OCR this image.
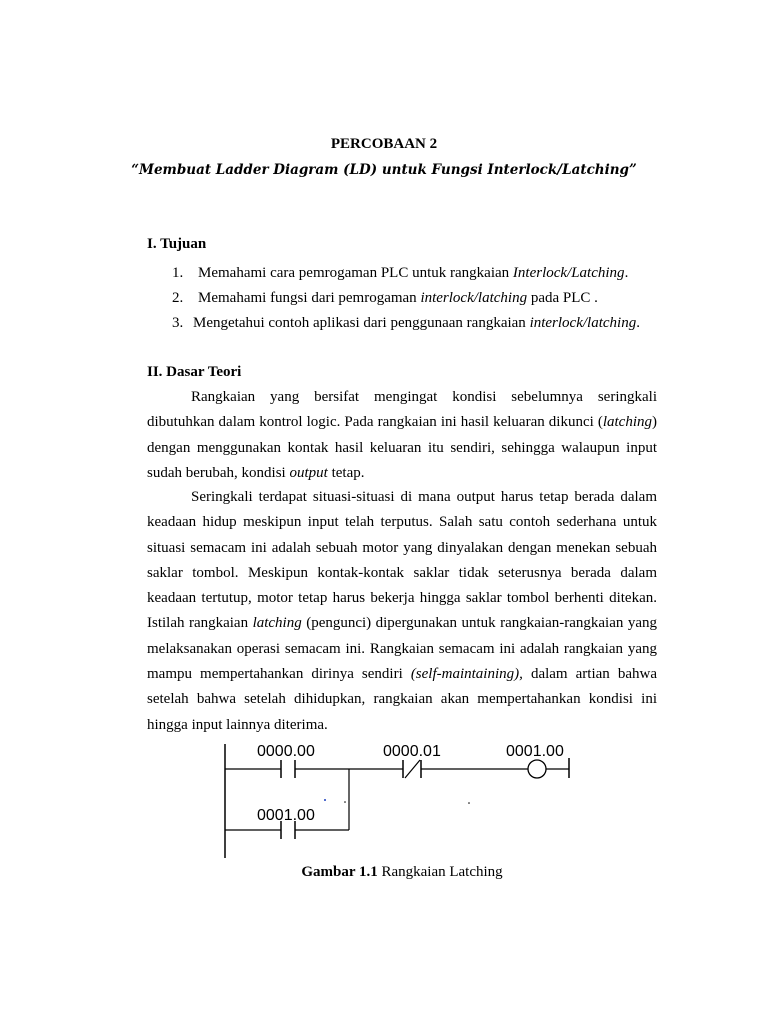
PERCOBAAN 2
“Membuat Ladder Diagram (LD) untuk Fungsi Interlock/Latching”
I. Tujuan
1. Memahami cara pemrogaman PLC untuk rangkaian Interlock/Latching.
2. Memahami fungsi dari pemrogaman interlock/latching pada PLC .
3. Mengetahui contoh aplikasi dari penggunaan rangkaian interlock/latching.
II. Dasar Teori
Rangkaian yang bersifat mengingat kondisi sebelumnya seringkali dibutuhkan dalam kontrol logic. Pada rangkaian ini hasil keluaran dikunci (latching) dengan menggunakan kontak hasil keluaran itu sendiri, sehingga walaupun input sudah berubah, kondisi output tetap.
Seringkali terdapat situasi-situasi di mana output harus tetap berada dalam keadaan hidup meskipun input telah terputus. Salah satu contoh sederhana untuk situasi semacam ini adalah sebuah motor yang dinyalakan dengan menekan sebuah saklar tombol. Meskipun kontak-kontak saklar tidak seterusnya berada dalam keadaan tertutup, motor tetap harus bekerja hingga saklar tombol berhenti ditekan. Istilah rangkaian latching (pengunci) dipergunakan untuk rangkaian-rangkaian yang melaksanakan operasi semacam ini. Rangkaian semacam ini adalah rangkaian yang mampu mempertahankan dirinya sendiri (self-maintaining), dalam artian bahwa setelah bahwa setelah dihidupkan, rangkaian akan mempertahankan kondisi ini hingga input lainnya diterima.
0000.00	0000.01	0001.00
0001.00
Gambar 1.1 Rangkaian Latching
